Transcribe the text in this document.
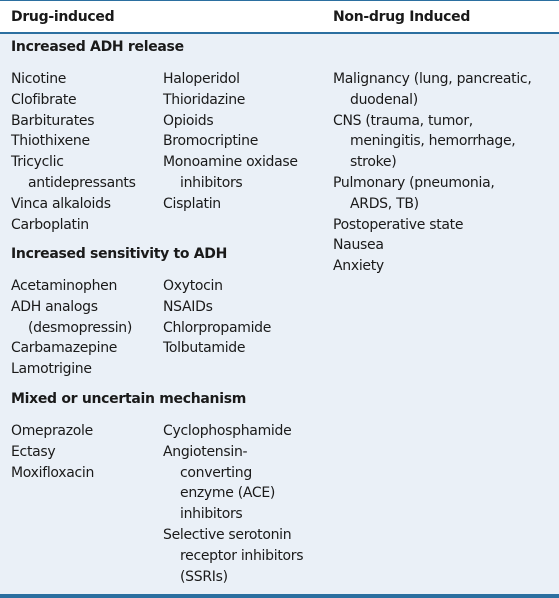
Drug-induced	Non-drug Induced
Increased ADH release
Nicotine
Clofibrate
Barbiturates
Thiothixene
Tricyclic
antidepressants
Vinca alkaloids
Carboplatin
Haloperidol
Thioridazine
Opioids
Bromocriptine
Monoamine oxidase
inhibitors
Cisplatin
Increased sensitivity to ADH
Acetaminophen
ADH analogs
(desmopressin)
Carbamazepine
Lamotrigine
Oxytocin
NSAIDs
Chlorpropamide
Tolbutamide
Mixed or uncertain mechanism
Omeprazole
Ectasy
Moxifloxacin
Cyclophosphamide
Angiotensin-
converting
enzyme (ACE)
inhibitors
Selective serotonin
receptor inhibitors
(SSRIs)
Malignancy (lung, pancreatic,
duodenal)
CNS (trauma, tumor,
meningitis, hemorrhage,
stroke)
Pulmonary (pneumonia,
ARDS, TB)
Postoperative state
Nausea
Anxiety
